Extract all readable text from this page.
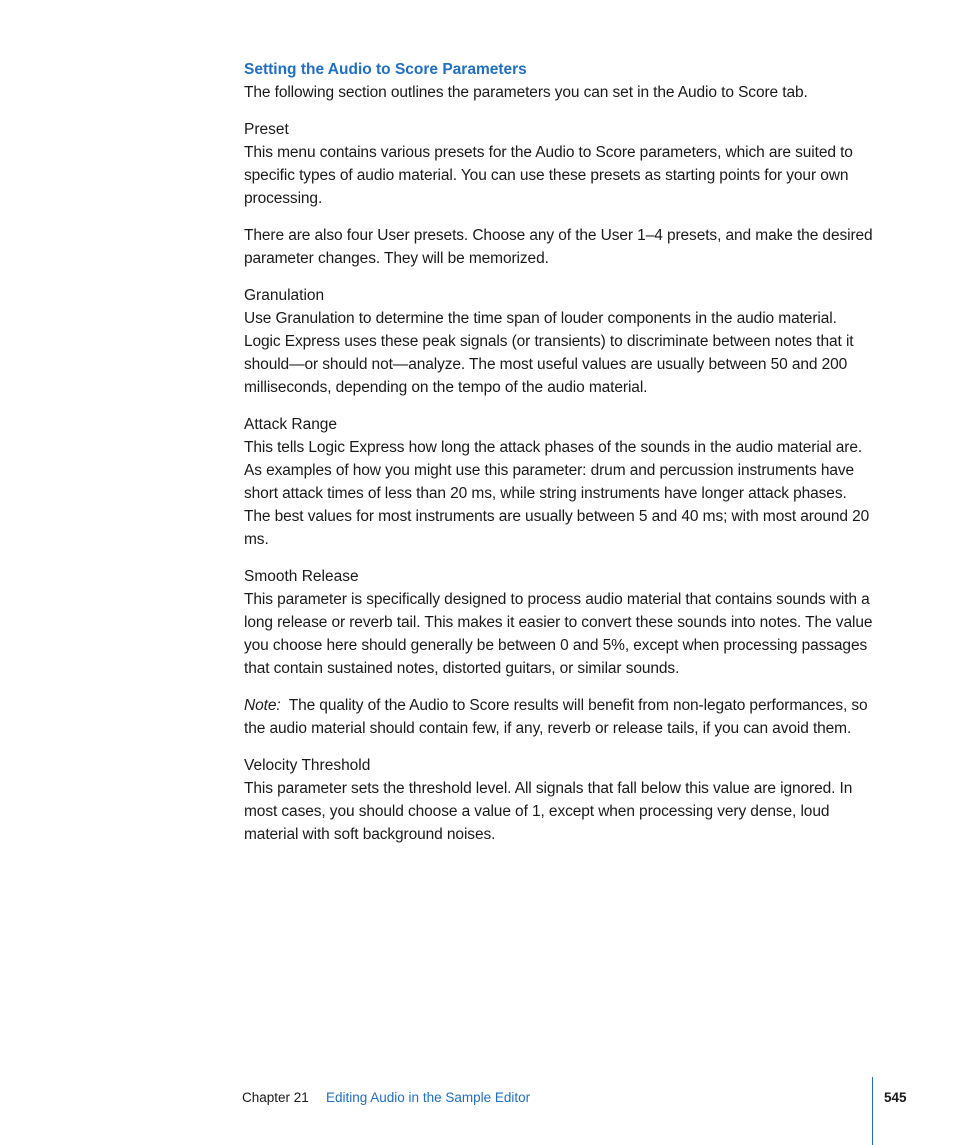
Setting the Audio to Score Parameters

The following section outlines the parameters you can set in the Audio to Score tab.

Preset

This menu contains various presets for the Audio to Score parameters, which are suited to specific types of audio material. You can use these presets as starting points for your own processing.

There are also four User presets. Choose any of the User 1–4 presets, and make the desired parameter changes. They will be memorized.

Granulation

Use Granulation to determine the time span of louder components in the audio material. Logic Express uses these peak signals (or transients) to discriminate between notes that it should—or should not—analyze. The most useful values are usually between 50 and 200 milliseconds, depending on the tempo of the audio material.

Attack Range

This tells Logic Express how long the attack phases of the sounds in the audio material are. As examples of how you might use this parameter: drum and percussion instruments have short attack times of less than 20 ms, while string instruments have longer attack phases. The best values for most instruments are usually between 5 and 40 ms; with most around 20 ms.

Smooth Release

This parameter is specifically designed to process audio material that contains sounds with a long release or reverb tail. This makes it easier to convert these sounds into notes. The value you choose here should generally be between 0 and 5%, except when processing passages that contain sustained notes, distorted guitars, or similar sounds.

Note:  The quality of the Audio to Score results will benefit from non-legato performances, so the audio material should contain few, if any, reverb or release tails, if you can avoid them.

Velocity Threshold

This parameter sets the threshold level. All signals that fall below this value are ignored. In most cases, you should choose a value of 1, except when processing very dense, loud material with soft background noises.

Chapter 21 Editing Audio in the Sample Editor	545
